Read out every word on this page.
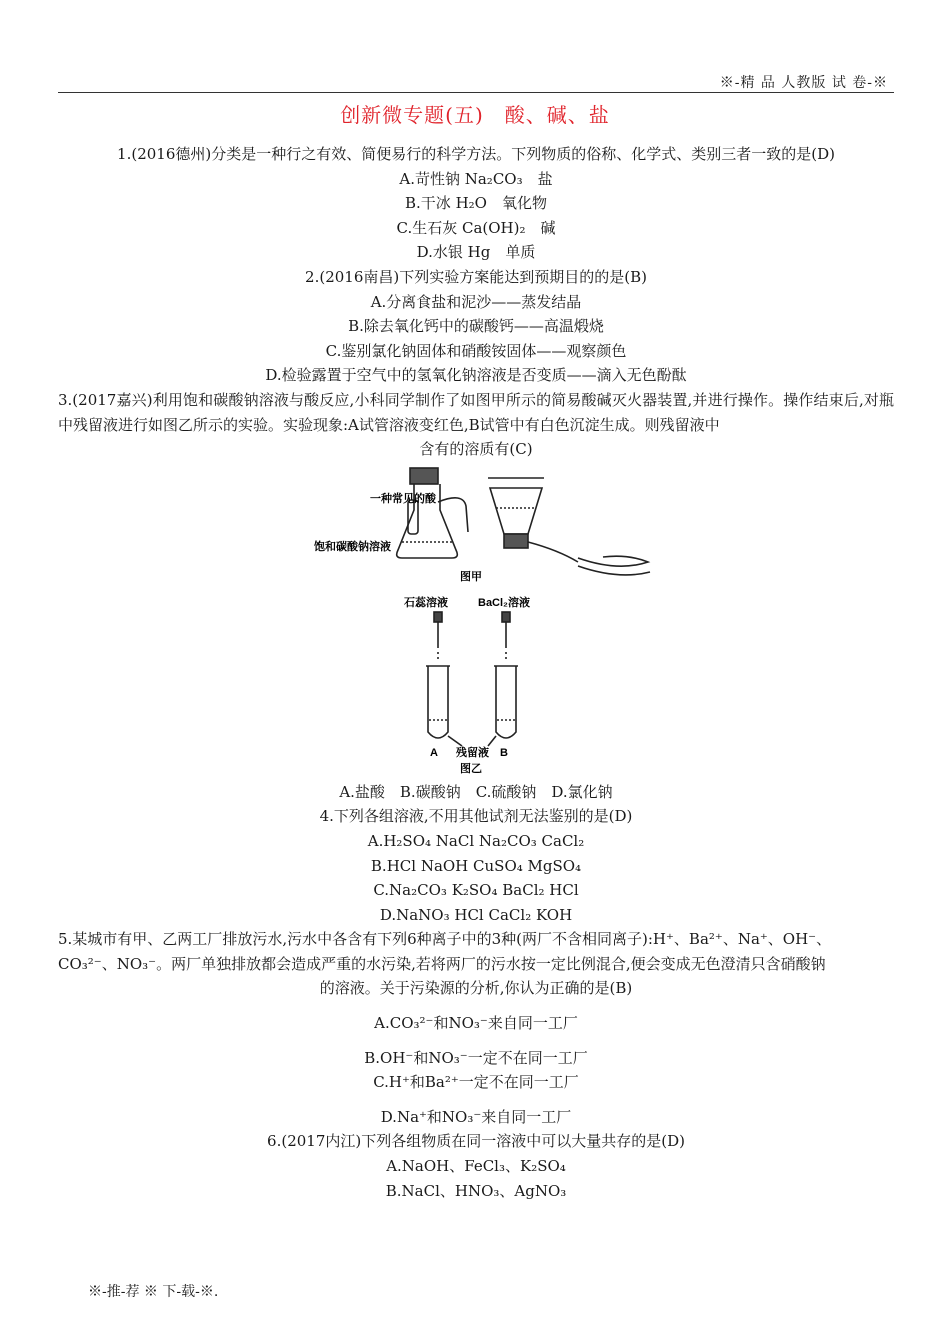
※-精 品 人教版 试 卷-※
创新微专题(五)　酸、碱、盐
1.(2016德州)分类是一种行之有效、简便易行的科学方法。下列物质的俗称、化学式、类别三者一致的是(D)
A.苛性钠 Na₂CO₃　盐
B.干冰 H₂O　氧化物
C.生石灰 Ca(OH)₂　碱
D.水银 Hg　单质
2.(2016南昌)下列实验方案能达到预期目的的是(B)
A.分离食盐和泥沙——蒸发结晶
B.除去氧化钙中的碳酸钙——高温煅烧
C.鉴别氯化钠固体和硝酸铵固体——观察颜色
D.检验露置于空气中的氢氧化钠溶液是否变质——滴入无色酚酞
3.(2017嘉兴)利用饱和碳酸钠溶液与酸反应,小科同学制作了如图甲所示的简易酸碱灭火器装置,并进行操作。操作结束后,对瓶中残留液进行如图乙所示的实验。实验现象:A试管溶液变红色,B试管中有白色沉淀生成。则残留液中
含有的溶质有(C)
一种常见的酸
饱和碳酸钠溶液
图甲
石蕊溶液	BaCl₂溶液
A 残留液 B
图乙
A.盐酸　B.碳酸钠　C.硫酸钠　D.氯化钠
4.下列各组溶液,不用其他试剂无法鉴别的是(D)
A.H₂SO₄ NaCl Na₂CO₃ CaCl₂
B.HCl NaOH CuSO₄ MgSO₄
C.Na₂CO₃ K₂SO₄ BaCl₂ HCl
D.NaNO₃ HCl CaCl₂ KOH
5.某城市有甲、乙两工厂排放污水,污水中各含有下列6种离子中的3种(两厂不含相同离子):H⁺、Ba²⁺、Na⁺、OH⁻、
CO₃²⁻、NO₃⁻。两厂单独排放都会造成严重的水污染,若将两厂的污水按一定比例混合,便会变成无色澄清只含硝酸钠
的溶液。关于污染源的分析,你认为正确的是(B)
A.CO₃²⁻和NO₃⁻来自同一工厂
B.OH⁻和NO₃⁻一定不在同一工厂
C.H⁺和Ba²⁺一定不在同一工厂
D.Na⁺和NO₃⁻来自同一工厂
6.(2017内江)下列各组物质在同一溶液中可以大量共存的是(D)
A.NaOH、FeCl₃、K₂SO₄
B.NaCl、HNO₃、AgNO₃
※-推-荐 ※ 下-载-※.
